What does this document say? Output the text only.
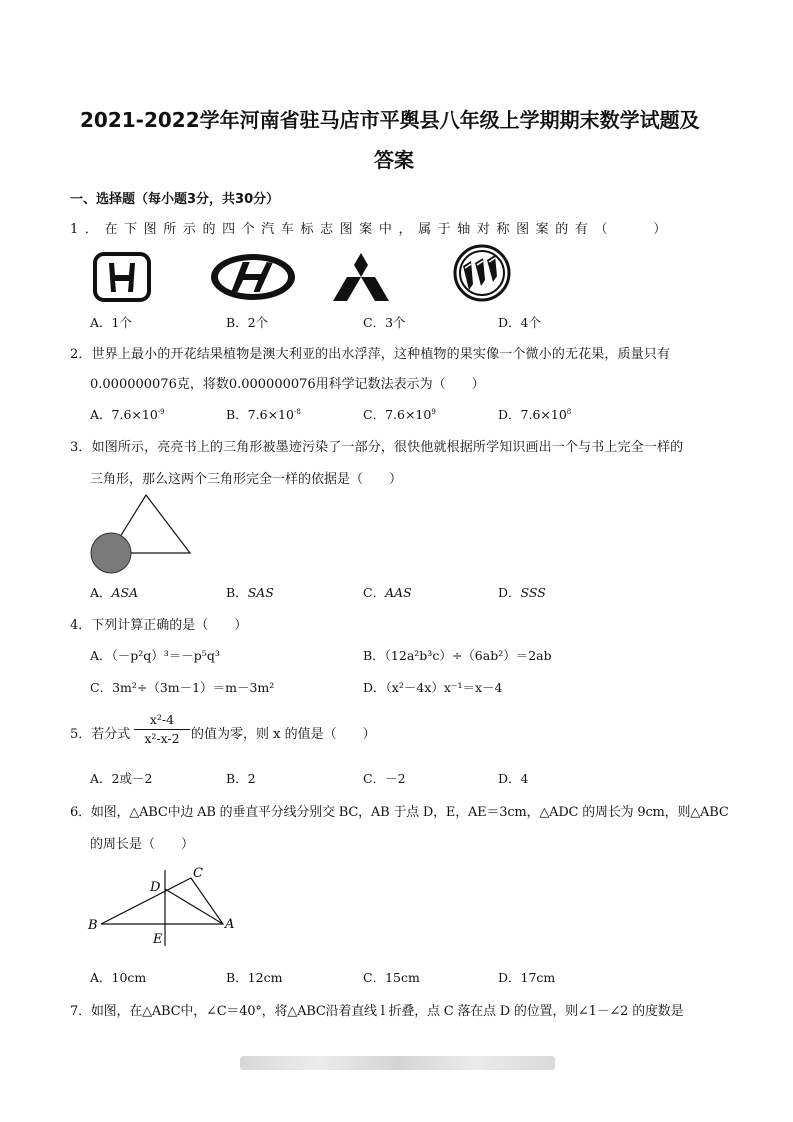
2021-2022学年河南省驻马店市平舆县八年级上学期期末数学试题及
答案
一、选择题（每小题3分，共30分）
1．在下图所示的四个汽车标志图案中，属于轴对称图案的有（　　）
A．1个	B．2个	C．3个	D．4个
2．世界上最小的开花结果植物是澳大利亚的出水浮萍，这种植物的果实像一个微小的无花果，质量只有
0.000000076克，将数0.000000076用科学记数法表示为（　　）
A．$7.6\times 10^{-9}$	B．$7.6\times 10^{-8}$	C．$7.6\times 10^9$	D．$7.6\times 10^8$
3．如图所示，亮亮书上的三角形被墨迹污染了一部分，很快他就根据所学知识画出一个与书上完全一样的
三角形，那么这两个三角形完全一样的依据是（　　）
A．ASA	B．SAS	C．AAS	D．SSS
4．下列计算正确的是（　　）
A．（－p²q）³＝－p⁵q³	B．（12a²b³c）÷（6ab²）＝2ab
C．3m²÷（3m－1）＝m－3m²	D．（x²－4x）x⁻¹＝x－4
5．若分式 $\frac{\text{x²-4}}{\text{x²-x-2}}$ 的值为零，则 x 的值是（　　）
A．2或－2	B．2	C．－2	D．4
6．如图，△ABC中边 AB 的垂直平分线分别交 BC，AB 于点 D，E，AE＝3cm，△ADC 的周长为 9cm，则△ABC
的周长是（　　）
B
E
D
C
A
A．10cm	B．12cm	C．15cm	D．17cm
7．如图，在△ABC中，∠C＝40°，将△ABC沿着直线 l 折叠，点 C 落在点 D 的位置，则∠1－∠2 的度数是
